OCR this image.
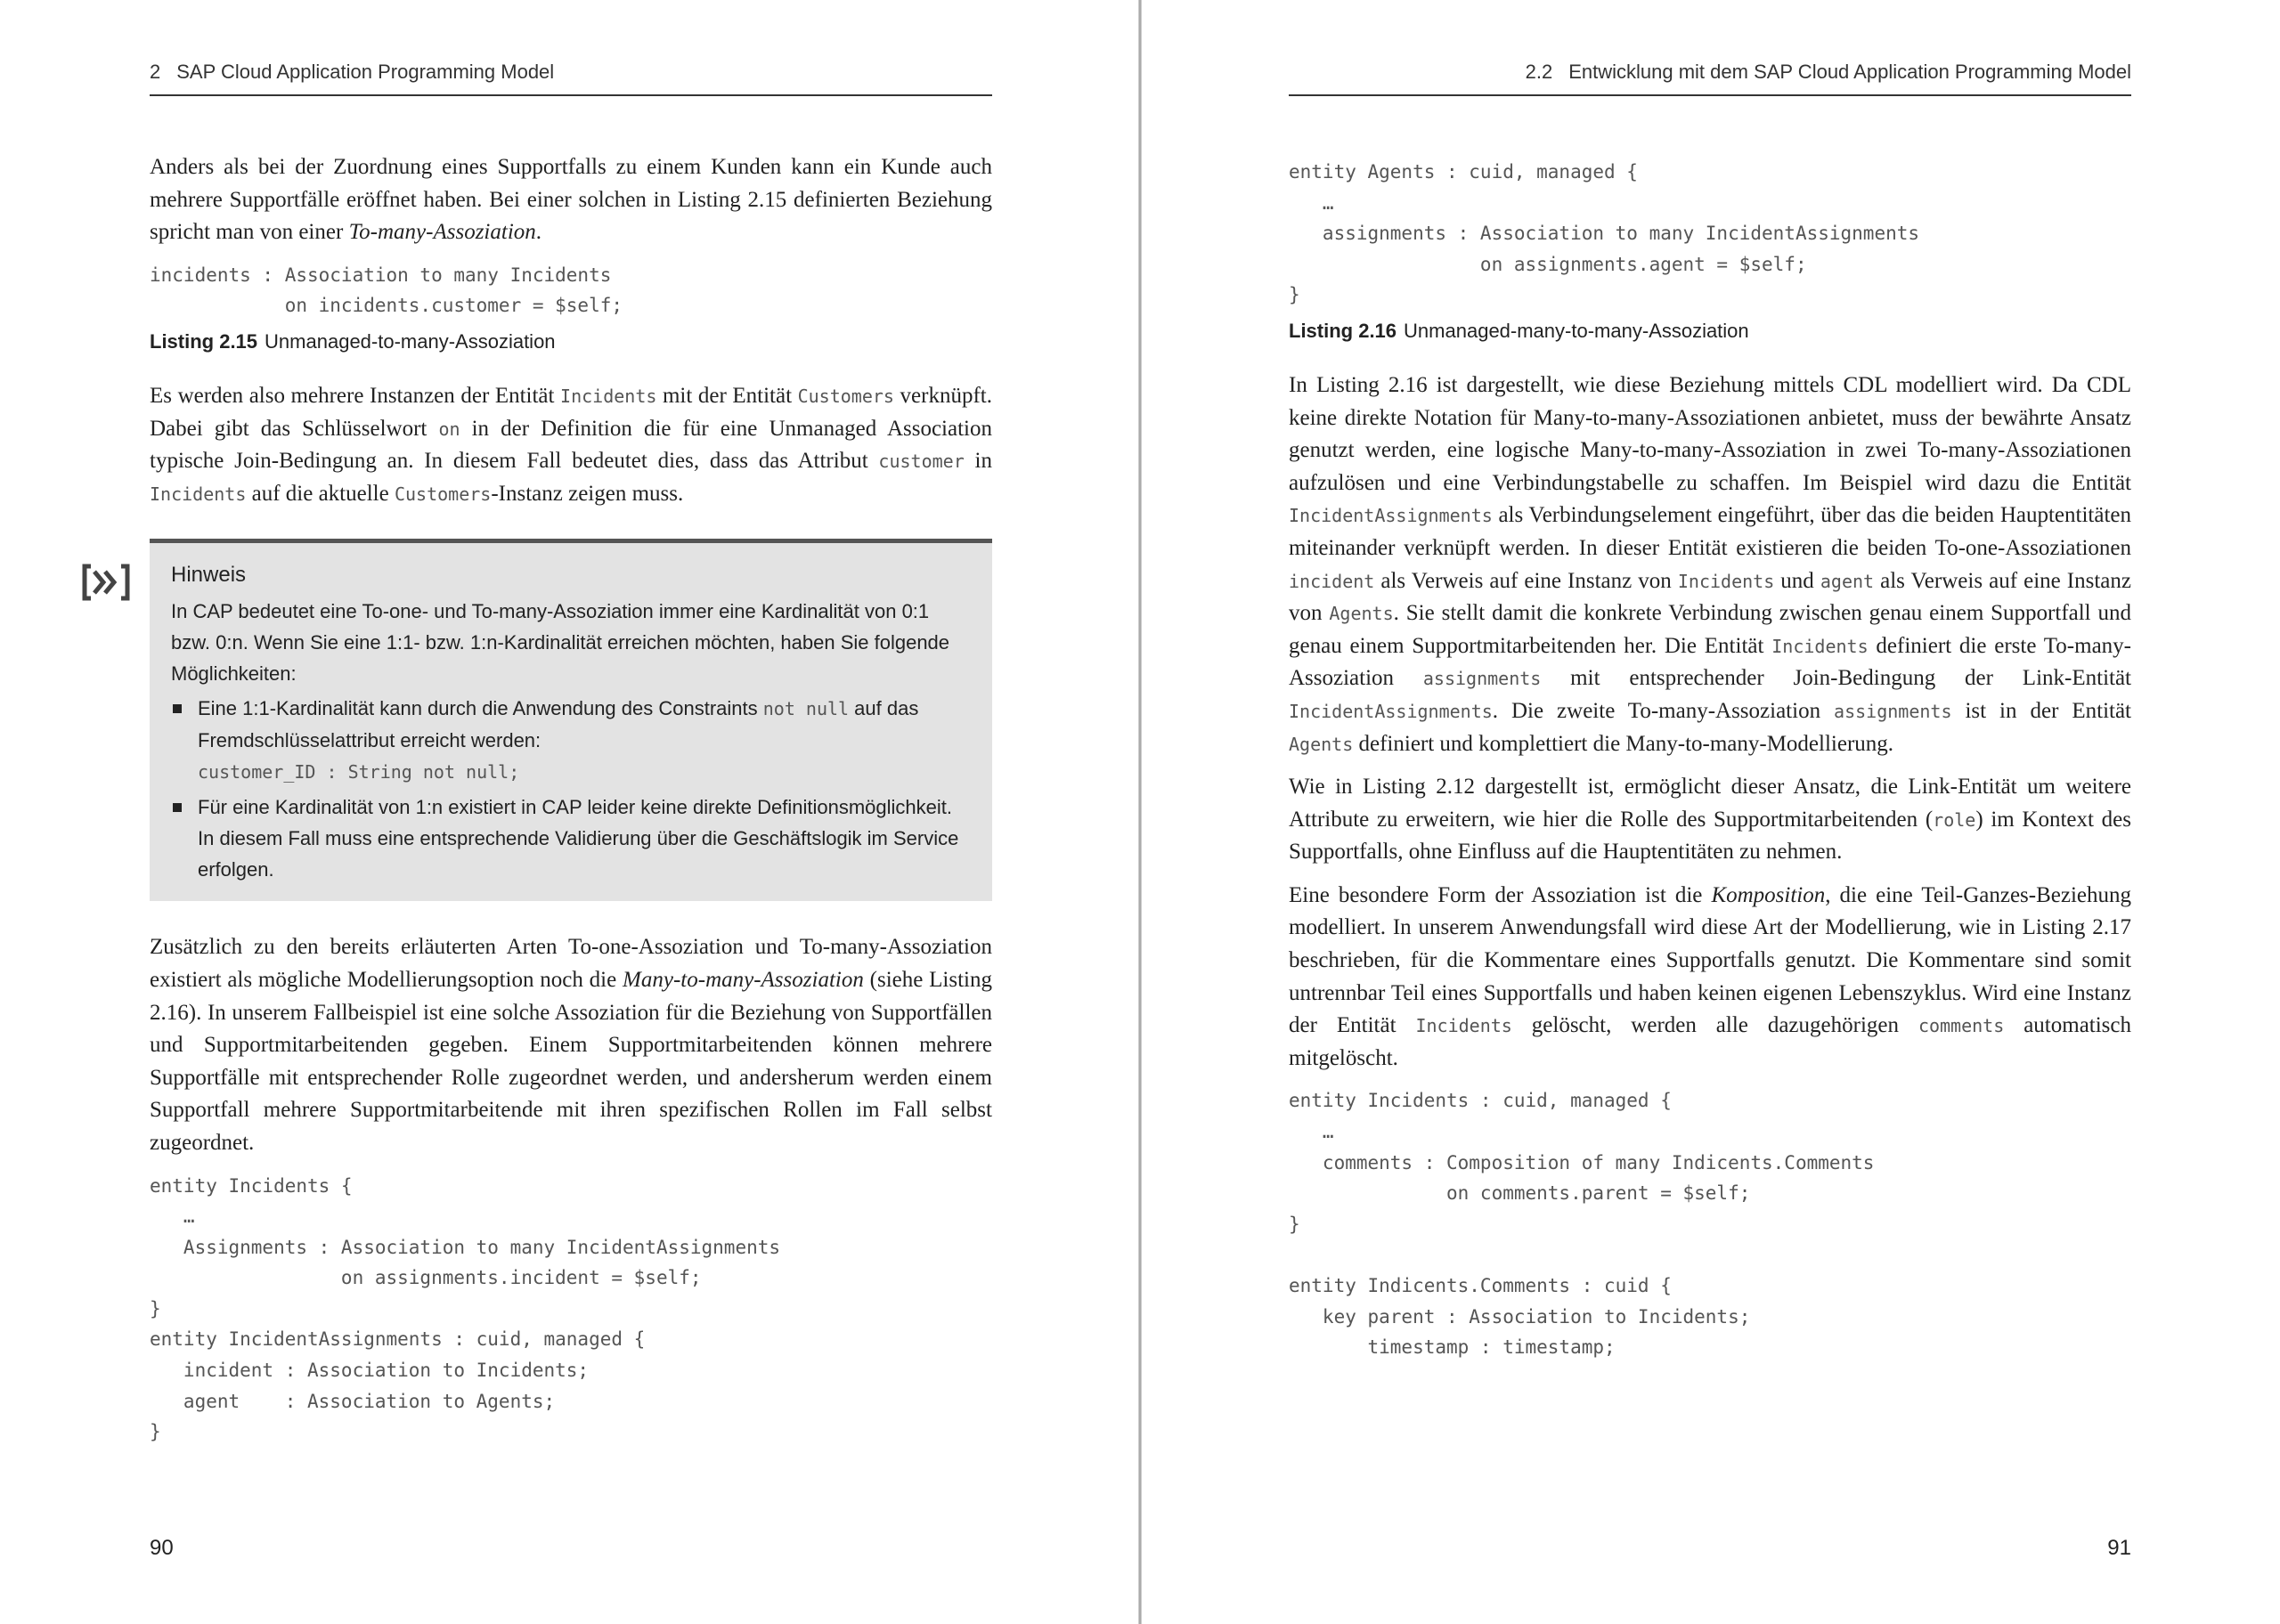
2 SAP Cloud Application Programming Model

Anders als bei der Zuordnung eines Supportfalls zu einem Kunden kann ein Kunde auch mehrere Supportfälle eröffnet haben. Bei einer solchen in Listing 2.15 definierten Beziehung spricht man von einer To-many-Assoziation.

incidents : Association to many Incidents
on incidents.customer = $self;
Listing 2.15 Unmanaged-to-many-Assoziation

Es werden also mehrere Instanzen der Entität Incidents mit der Entität Customers verknüpft. Dabei gibt das Schlüsselwort on in der Definition die für eine Unmanaged Association typische Join-Bedingung an. In diesem Fall bedeutet dies, dass das Attribut customer in Incidents auf die aktuelle Customers-Instanz zeigen muss.

Hinweis

In CAP bedeutet eine To-one- und To-many-Assoziation immer eine Kardinalität von 0:1 bzw. 0:n. Wenn Sie eine 1:1- bzw. 1:n-Kardinalität erreichen möchten, haben Sie folgende Möglichkeiten:

Eine 1:1-Kardinalität kann durch die Anwendung des Constraints not null auf das Fremdschlüsselattribut erreicht werden:
customer_ID : String not null;
Für eine Kardinalität von 1:n existiert in CAP leider keine direkte Definitionsmöglichkeit. In diesem Fall muss eine entsprechende Validierung über die Geschäftslogik im Service erfolgen.

Zusätzlich zu den bereits erläuterten Arten To-one-Assoziation und To-many-Assoziation existiert als mögliche Modellierungsoption noch die Many-to-many-Assoziation (siehe Listing 2.16). In unserem Fallbeispiel ist eine solche Assoziation für die Beziehung von Supportfällen und Supportmitarbeitenden gegeben. Einem Supportmitarbeitenden können mehrere Supportfälle mit entsprechender Rolle zugeordnet werden, und andersherum werden einem Supportfall mehrere Supportmitarbeitende mit ihren spezifischen Rollen im Fall selbst zugeordnet.

entity Incidents {
…
Assignments : Association to many IncidentAssignments
on assignments.incident = $self;
}
entity IncidentAssignments : cuid, managed {
incident : Association to Incidents;
agent    : Association to Agents;
}
90
2.2 Entwicklung mit dem SAP Cloud Application Programming Model
entity Agents : cuid, managed {
…
assignments : Association to many IncidentAssignments
on assignments.agent = $self;
}
Listing 2.16 Unmanaged-many-to-many-Assoziation

In Listing 2.16 ist dargestellt, wie diese Beziehung mittels CDL modelliert wird. Da CDL keine direkte Notation für Many-to-many-Assoziationen anbietet, muss der bewährte Ansatz genutzt werden, eine logische Many-to-many-Assoziation in zwei To-many-Assoziationen aufzulösen und eine Verbindungstabelle zu schaffen. Im Beispiel wird dazu die Entität IncidentAssignments als Verbindungselement eingeführt, über das die beiden Hauptentitäten miteinander verknüpft werden. In dieser Entität existieren die beiden To-one-Assoziationen incident als Verweis auf eine Instanz von Incidents und agent als Verweis auf eine Instanz von Agents. Sie stellt damit die konkrete Verbindung zwischen genau einem Supportfall und genau einem Supportmitarbeitenden her. Die Entität Incidents definiert die erste To-many-Assoziation assignments mit entsprechender Join-Bedingung der Link-Entität IncidentAssignments. Die zweite To-many-Assoziation assignments ist in der Entität Agents definiert und komplettiert die Many-to-many-Modellierung.

Wie in Listing 2.12 dargestellt ist, ermöglicht dieser Ansatz, die Link-Entität um weitere Attribute zu erweitern, wie hier die Rolle des Supportmitarbeitenden (role) im Kontext des Supportfalls, ohne Einfluss auf die Hauptentitäten zu nehmen.

Eine besondere Form der Assoziation ist die Komposition, die eine Teil-Ganzes-Beziehung modelliert. In unserem Anwendungsfall wird diese Art der Modellierung, wie in Listing 2.17 beschrieben, für die Kommentare eines Supportfalls genutzt. Die Kommentare sind somit untrennbar Teil eines Supportfalls und haben keinen eigenen Lebenszyklus. Wird eine Instanz der Entität Incidents gelöscht, werden alle dazugehörigen comments automatisch mitgelöscht.

entity Incidents : cuid, managed {
…
comments : Composition of many Indicents.Comments
on comments.parent = $self;
}

entity Indicents.Comments : cuid {
key parent : Association to Incidents;
timestamp : timestamp;
91
